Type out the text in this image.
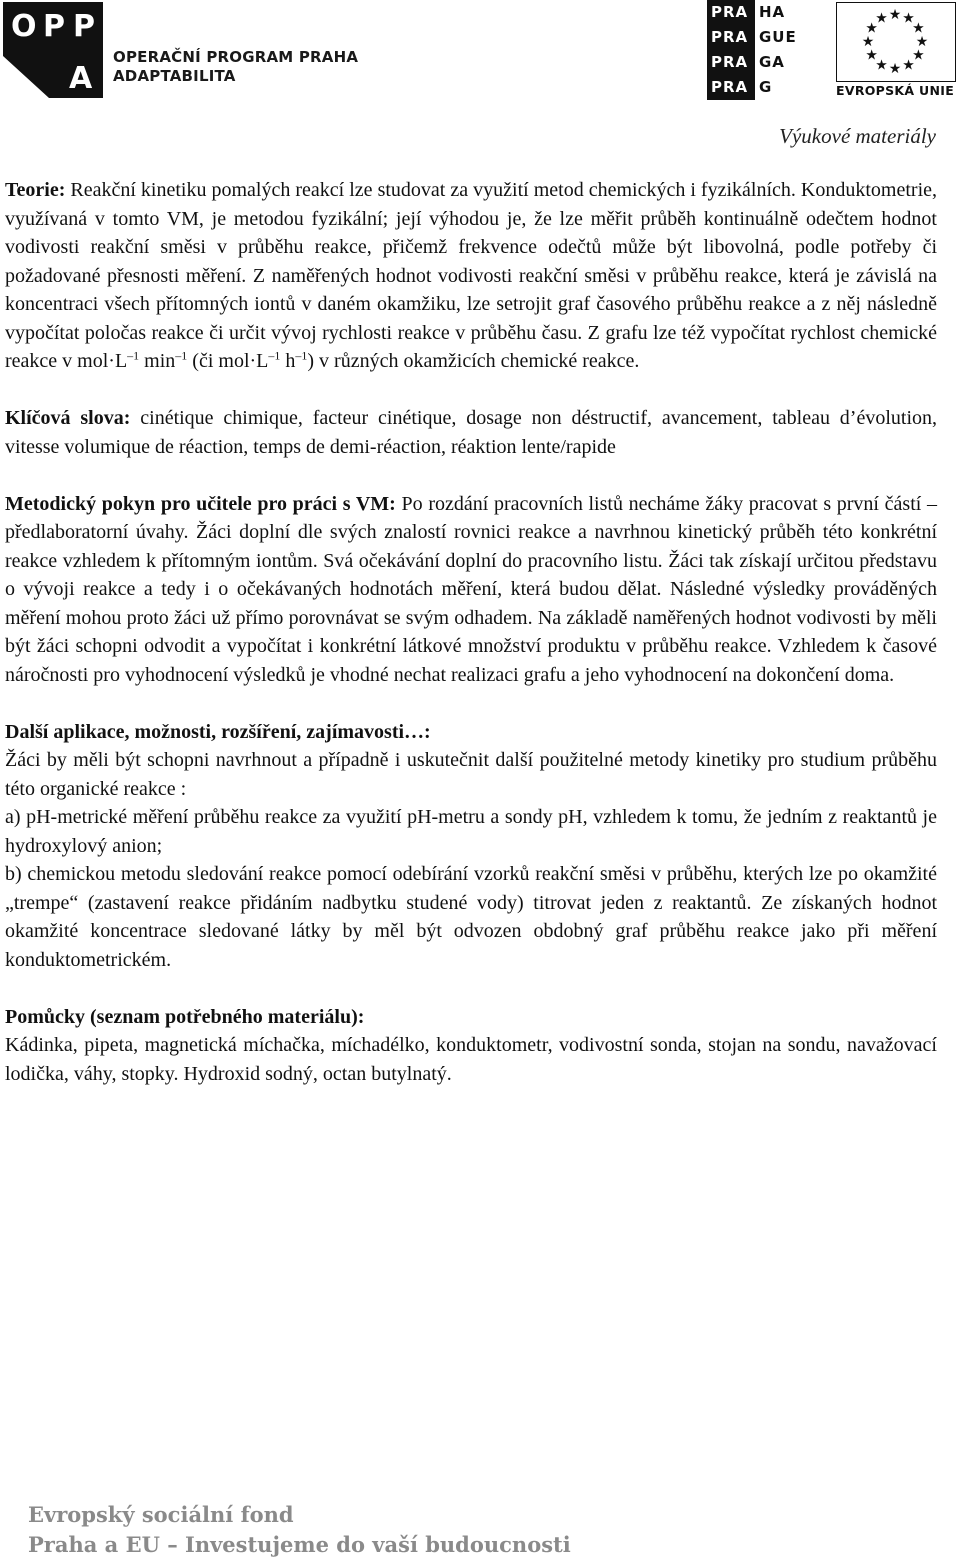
O P P
A
OPERAČNÍ PROGRAM PRAHA
ADAPTABILITA
PRA HA
PRA GUE
PRA GA
PRA G
★ ★
★
★
★
★
★
★
★
★
★
★
EVROPSKÁ UNIE
Výukové materiály

Teorie: Reakční kinetiku pomalých reakcí lze studovat za využití metod chemických i fyzikálních. Konduktometrie, využívaná v tomto VM, je metodou fyzikální; její výhodou je, že lze měřit průběh kontinuálně odečtem hodnot vodivosti reakční směsi v průběhu reakce, přičemž frekvence odečtů může být libovolná, podle potřeby či požadované přesnosti měření. Z naměřených hodnot vodivosti reakční směsi v průběhu reakce, která je závislá na koncentraci všech přítomných iontů v daném okamžiku, lze setrojit graf časového průběhu reakce a z něj následně vypočítat poločas reakce či určit vývoj rychlosti reakce v průběhu času. Z grafu lze též vypočítat rychlost chemické reakce v $mol\cdot L^{-1}$ $\min^{-1}$ (či $mol\cdot L^{-1}$ $h^{-1}$) v různých okamžicích chemické reakce.

Klíčová slova: cinétique chimique, facteur cinétique, dosage non déstructif, avancement, tableau d’évolution, vitesse volumique de réaction, temps de demi-réaction, réaktion lente/rapide

Metodický pokyn pro učitele pro práci s VM: Po rozdání pracovních listů necháme žáky pracovat s první částí – předlaboratorní úvahy. Žáci doplní dle svých znalostí rovnici reakce a navrhnou kinetický průběh této konkrétní reakce vzhledem k přítomným iontům. Svá očekávání doplní do pracovního listu. Žáci tak získají určitou představu o vývoji reakce a tedy i o očekávaných hodnotách měření, která budou dělat. Následné výsledky prováděných měření mohou proto žáci už přímo porovnávat se svým odhadem. Na základě naměřených hodnot vodivosti by měli být žáci schopni odvodit a vypočítat i konkrétní látkové množství produktu v průběhu reakce. Vzhledem k časové náročnosti pro vyhodnocení výsledků je vhodné nechat realizaci grafu a jeho vyhodnocení na dokončení doma.

Další aplikace, možnosti, rozšíření, zajímavosti…:
Žáci by měli být schopni navrhnout a případně i uskutečnit další použitelné metody kinetiky pro studium průběhu této organické reakce :
a) pH-metrické měření průběhu reakce za využití pH-metru a sondy pH, vzhledem k tomu, že jedním z reaktantů je hydroxylový anion;
b) chemickou metodu sledování reakce pomocí odebírání vzorků reakční směsi v průběhu, kterých lze po okamžité „trempe“ (zastavení reakce přidáním nadbytku studené vody) titrovat jeden z reaktantů. Ze získaných hodnot okamžité koncentrace sledované látky by měl být odvozen obdobný graf průběhu reakce jako při měření konduktometrickém.

Pomůcky (seznam potřebného materiálu):
Kádinka, pipeta, magnetická míchačka, míchadélko, konduktometr, vodivostní sonda, stojan na sondu, navažovací lodička, váhy, stopky. Hydroxid sodný, octan butylnatý.

Evropský sociální fond
Praha a EU – Investujeme do vaší budoucnosti
